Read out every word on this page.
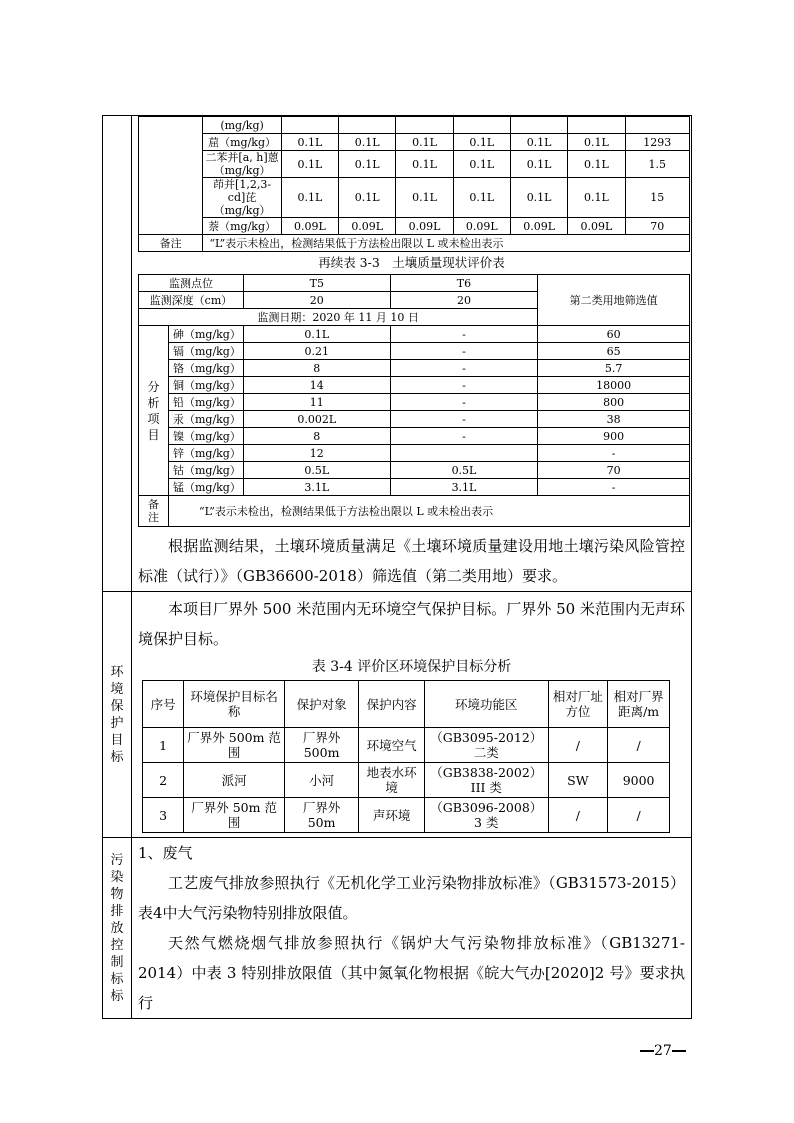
	(mg/kg)							
䓛（mg/kg）	0.1L	0.1L	0.1L	0.1L	0.1L	0.1L	1293
二苯并[a, h]蒽（mg/kg）	0.1L	0.1L	0.1L	0.1L	0.1L	0.1L	1.5
茚并[1,2,3-cd]芘（mg/kg）	0.1L	0.1L	0.1L	0.1L	0.1L	0.1L	15
萘（mg/kg）	0.09L	0.09L	0.09L	0.09L	0.09L	0.09L	70
备注	“L”表示未检出，检测结果低于方法检出限以 L 或未检出表示
再续表 3-3　土壤质量现状评价表
监测点位	T5	T6	第二类用地筛选值
监测深度（cm）	20	20
监测日期：2020 年 11 月 10 日
分析项目	砷（mg/kg）	0.1L	-	60
镉（mg/kg）	0.21	-	65
铬（mg/kg）	8	-	5.7
铜（mg/kg）	14	-	18000
铅（mg/kg）	11	-	800
汞（mg/kg）	0.002L	-	38
镍（mg/kg）	8	-	900
锌（mg/kg）	12		-
钴（mg/kg）	0.5L	0.5L	70
锰（mg/kg）	3.1L	3.1L	-
备注	“L”表示未检出，检测结果低于方法检出限以 L 或未检出表示

根据监测结果，土壤环境质量满足《土壤环境质量建设用地土壤污染风险管控标准（试行）》（GB36600-2018）筛选值（第二类用地）要求。

环境保护目标	

本项目厂界外 500 米范围内无环境空气保护目标。厂界外 50 米范围内无声环境保护目标。

表 3-4 评价区环境保护目标分析
序号	环境保护目标名称	保护对象	保护内容	环境功能区	相对厂址方位	相对厂界距离/m
1	厂界外 500m 范围	厂界外 500m	环境空气	（GB3095-2012）二类	/	/
2	派河	小河	地表水环境	（GB3838-2002）III 类	SW	9000
3	厂界外 50m 范围	厂界外 50m	声环境	（GB3096-2008）3 类	/	/

污染物排放控制标标	

1、废气

工艺废气排放参照执行《无机化学工业污染物排放标准》（GB31573-2015）表4中大气污染物特别排放限值。

天然气燃烧烟气排放参照执行《锅炉大气污染物排放标准》（GB13271-2014）中表 3 特别排放限值（其中氮氧化物根据《皖大气办[2020]2 号》要求执行

27
